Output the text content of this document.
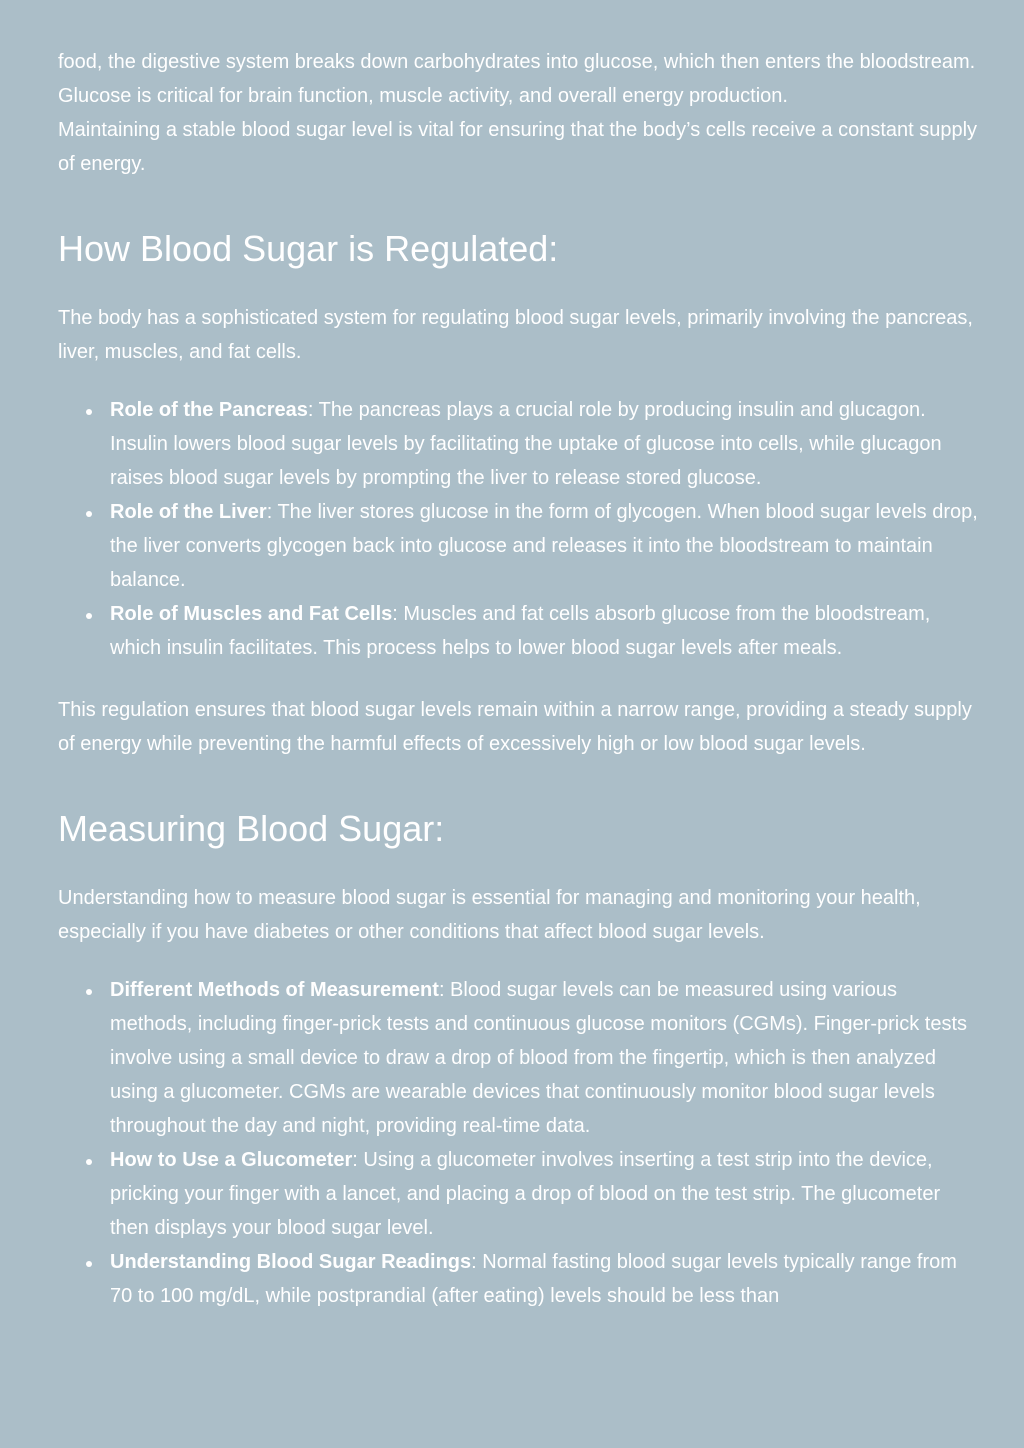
food, the digestive system breaks down carbohydrates into glucose, which then enters the bloodstream.
Glucose is critical for brain function, muscle activity, and overall energy production.
Maintaining a stable blood sugar level is vital for ensuring that the body’s cells receive a constant supply of energy.

How Blood Sugar is Regulated:

The body has a sophisticated system for regulating blood sugar levels, primarily involving the pancreas, liver, muscles, and fat cells.

Role of the Pancreas: The pancreas plays a crucial role by producing insulin and glucagon. Insulin lowers blood sugar levels by facilitating the uptake of glucose into cells, while glucagon raises blood sugar levels by prompting the liver to release stored glucose.
Role of the Liver: The liver stores glucose in the form of glycogen. When blood sugar levels drop, the liver converts glycogen back into glucose and releases it into the bloodstream to maintain balance.
Role of Muscles and Fat Cells: Muscles and fat cells absorb glucose from the bloodstream, which insulin facilitates. This process helps to lower blood sugar levels after meals.

This regulation ensures that blood sugar levels remain within a narrow range, providing a steady supply of energy while preventing the harmful effects of excessively high or low blood sugar levels.

Measuring Blood Sugar:

Understanding how to measure blood sugar is essential for managing and monitoring your health, especially if you have diabetes or other conditions that affect blood sugar levels.

Different Methods of Measurement: Blood sugar levels can be measured using various methods, including finger-prick tests and continuous glucose monitors (CGMs). Finger-prick tests involve using a small device to draw a drop of blood from the fingertip, which is then analyzed using a glucometer. CGMs are wearable devices that continuously monitor blood sugar levels throughout the day and night, providing real-time data.
How to Use a Glucometer: Using a glucometer involves inserting a test strip into the device, pricking your finger with a lancet, and placing a drop of blood on the test strip. The glucometer then displays your blood sugar level.
Understanding Blood Sugar Readings: Normal fasting blood sugar levels typically range from 70 to 100 mg/dL, while postprandial (after eating) levels should be less than
